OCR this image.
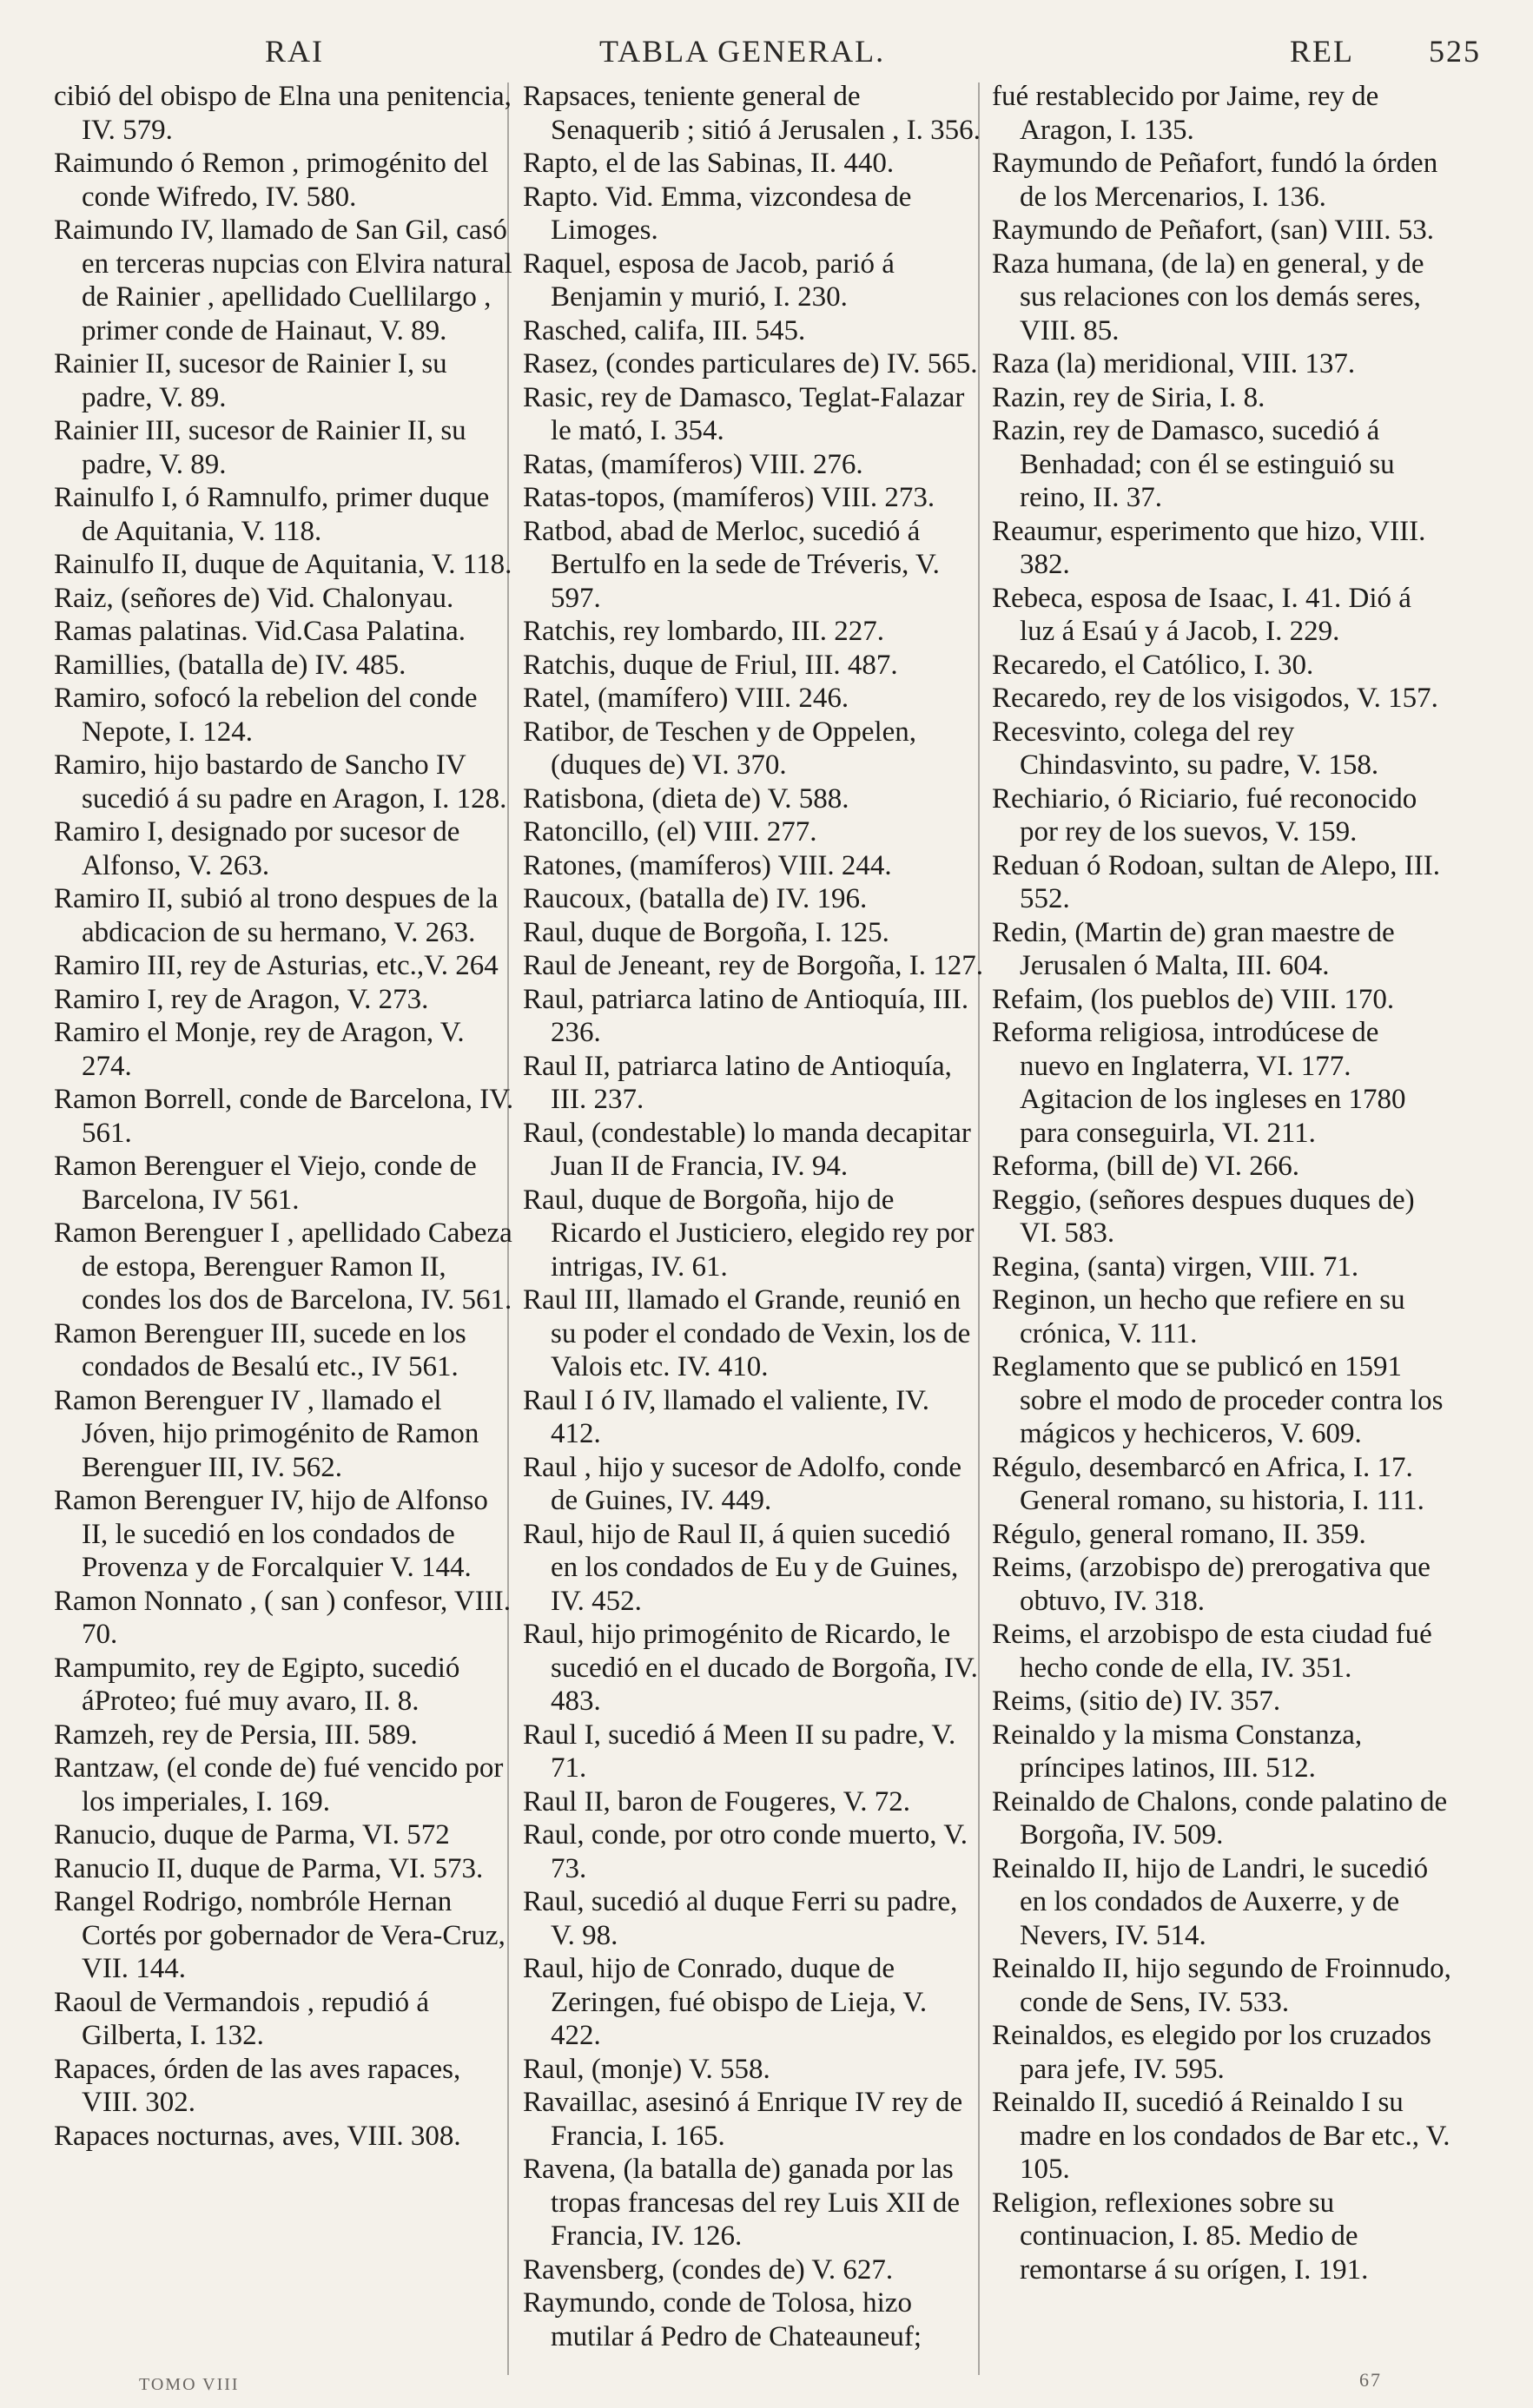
RAI	TABLA GENERAL.	REL 525

cibió del obispo de Elna una penitencia, IV. 579.

Raimundo ó Remon , primogénito del conde Wifredo, IV. 580.

Raimundo IV, llamado de San Gil, casó en terceras nupcias con Elvira natural de Rainier , apellidado Cuellilargo , primer conde de Hainaut, V. 89.

Rainier II, sucesor de Rainier I, su padre, V. 89.

Rainier III, sucesor de Rainier II, su padre, V. 89.

Rainulfo I, ó Ramnulfo, primer duque de Aquitania, V. 118.

Rainulfo II, duque de Aquitania, V. 118.

Raiz, (señores de) Vid. Chalonyau.

Ramas palatinas. Vid.Casa Palatina.

Ramillies, (batalla de) IV. 485.

Ramiro, sofocó la rebelion del conde Nepote, I. 124.

Ramiro, hijo bastardo de Sancho IV sucedió á su padre en Aragon, I. 128.

Ramiro I, designado por sucesor de Alfonso, V. 263.

Ramiro II, subió al trono despues de la abdicacion de su hermano, V. 263.

Ramiro III, rey de Asturias, etc.,V. 264

Ramiro I, rey de Aragon, V. 273.

Ramiro el Monje, rey de Aragon, V. 274.

Ramon Borrell, conde de Barcelona, IV. 561.

Ramon Berenguer el Viejo, conde de Barcelona, IV 561.

Ramon Berenguer I , apellidado Cabeza de estopa, Berenguer Ramon II, condes los dos de Barcelona, IV. 561.

Ramon Berenguer III, sucede en los condados de Besalú etc., IV 561.

Ramon Berenguer IV , llamado el Jóven, hijo primogénito de Ramon Berenguer III, IV. 562.

Ramon Berenguer IV, hijo de Alfonso II, le sucedió en los condados de Provenza y de Forcalquier V. 144.

Ramon Nonnato , ( san ) confesor, VIII. 70.

Rampumito, rey de Egipto, sucedió áProteo; fué muy avaro, II. 8.

Ramzeh, rey de Persia, III. 589.

Rantzaw, (el conde de) fué vencido por los imperiales, I. 169.

Ranucio, duque de Parma, VI. 572

Ranucio II, duque de Parma, VI. 573.

Rangel Rodrigo, nombróle Hernan Cortés por gobernador de Vera-Cruz, VII. 144.

Raoul de Vermandois , repudió á Gilberta, I. 132.

Rapaces, órden de las aves rapaces, VIII. 302.

Rapaces nocturnas, aves, VIII. 308.

Rapsaces, teniente general de Senaquerib ; sitió á Jerusalen , I. 356.

Rapto, el de las Sabinas, II. 440.

Rapto. Vid. Emma, vizcondesa de Limoges.

Raquel, esposa de Jacob, parió á Benjamin y murió, I. 230.

Rasched, califa, III. 545.

Rasez, (condes particulares de) IV. 565.

Rasic, rey de Damasco, Teglat-Falazar le mató, I. 354.

Ratas, (mamíferos) VIII. 276.

Ratas-topos, (mamíferos) VIII. 273.

Ratbod, abad de Merloc, sucedió á Bertulfo en la sede de Tréveris, V. 597.

Ratchis, rey lombardo, III. 227.

Ratchis, duque de Friul, III. 487.

Ratel, (mamífero) VIII. 246.

Ratibor, de Teschen y de Oppelen, (duques de) VI. 370.

Ratisbona, (dieta de) V. 588.

Ratoncillo, (el) VIII. 277.

Ratones, (mamíferos) VIII. 244.

Raucoux, (batalla de) IV. 196.

Raul, duque de Borgoña, I. 125.

Raul de Jeneant, rey de Borgoña, I. 127.

Raul, patriarca latino de Antioquía, III. 236.

Raul II, patriarca latino de Antioquía, III. 237.

Raul, (condestable) lo manda decapitar Juan II de Francia, IV. 94.

Raul, duque de Borgoña, hijo de Ricardo el Justiciero, elegido rey por intrigas, IV. 61.

Raul III, llamado el Grande, reunió en su poder el condado de Vexin, los de Valois etc. IV. 410.

Raul I ó IV, llamado el valiente, IV. 412.

Raul , hijo y sucesor de Adolfo, conde de Guines, IV. 449.

Raul, hijo de Raul II, á quien sucedió en los condados de Eu y de Guines, IV. 452.

Raul, hijo primogénito de Ricardo, le sucedió en el ducado de Borgoña, IV. 483.

Raul I, sucedió á Meen II su padre, V. 71.

Raul II, baron de Fougeres, V. 72.

Raul, conde, por otro conde muerto, V. 73.

Raul, sucedió al duque Ferri su padre, V. 98.

Raul, hijo de Conrado, duque de Zeringen, fué obispo de Lieja, V. 422.

Raul, (monje) V. 558.

Ravaillac, asesinó á Enrique IV rey de Francia, I. 165.

Ravena, (la batalla de) ganada por las tropas francesas del rey Luis XII de Francia, IV. 126.

Ravensberg, (condes de) V. 627.

Raymundo, conde de Tolosa, hizo mutilar á Pedro de Chateauneuf;

fué restablecido por Jaime, rey de Aragon, I. 135.

Raymundo de Peñafort, fundó la órden de los Mercenarios, I. 136.

Raymundo de Peñafort, (san) VIII. 53.

Raza humana, (de la) en general, y de sus relaciones con los demás seres, VIII. 85.

Raza (la) meridional, VIII. 137.

Razin, rey de Siria, I. 8.

Razin, rey de Damasco, sucedió á Benhadad; con él se estinguió su reino, II. 37.

Reaumur, esperimento que hizo, VIII. 382.

Rebeca, esposa de Isaac, I. 41. Dió á luz á Esaú y á Jacob, I. 229.

Recaredo, el Católico, I. 30.

Recaredo, rey de los visigodos, V. 157.

Recesvinto, colega del rey Chindasvinto, su padre, V. 158.

Rechiario, ó Riciario, fué reconocido por rey de los suevos, V. 159.

Reduan ó Rodoan, sultan de Alepo, III. 552.

Redin, (Martin de) gran maestre de Jerusalen ó Malta, III. 604.

Refaim, (los pueblos de) VIII. 170.

Reforma religiosa, introdúcese de nuevo en Inglaterra, VI. 177. Agitacion de los ingleses en 1780 para conseguirla, VI. 211.

Reforma, (bill de) VI. 266.

Reggio, (señores despues duques de) VI. 583.

Regina, (santa) virgen, VIII. 71.

Reginon, un hecho que refiere en su crónica, V. 111.

Reglamento que se publicó en 1591 sobre el modo de proceder contra los mágicos y hechiceros, V. 609.

Régulo, desembarcó en Africa, I. 17. General romano, su historia, I. 111.

Régulo, general romano, II. 359.

Reims, (arzobispo de) prerogativa que obtuvo, IV. 318.

Reims, el arzobispo de esta ciudad fué hecho conde de ella, IV. 351.

Reims, (sitio de) IV. 357.

Reinaldo y la misma Constanza, príncipes latinos, III. 512.

Reinaldo de Chalons, conde palatino de Borgoña, IV. 509.

Reinaldo II, hijo de Landri, le sucedió en los condados de Auxerre, y de Nevers, IV. 514.

Reinaldo II, hijo segundo de Froinnudo, conde de Sens, IV. 533.

Reinaldos, es elegido por los cruzados para jefe, IV. 595.

Reinaldo II, sucedió á Reinaldo I su madre en los condados de Bar etc., V. 105.

Religion, reflexiones sobre su continuacion, I. 85. Medio de remontarse á su orígen, I. 191.

TOMO VIII	67
